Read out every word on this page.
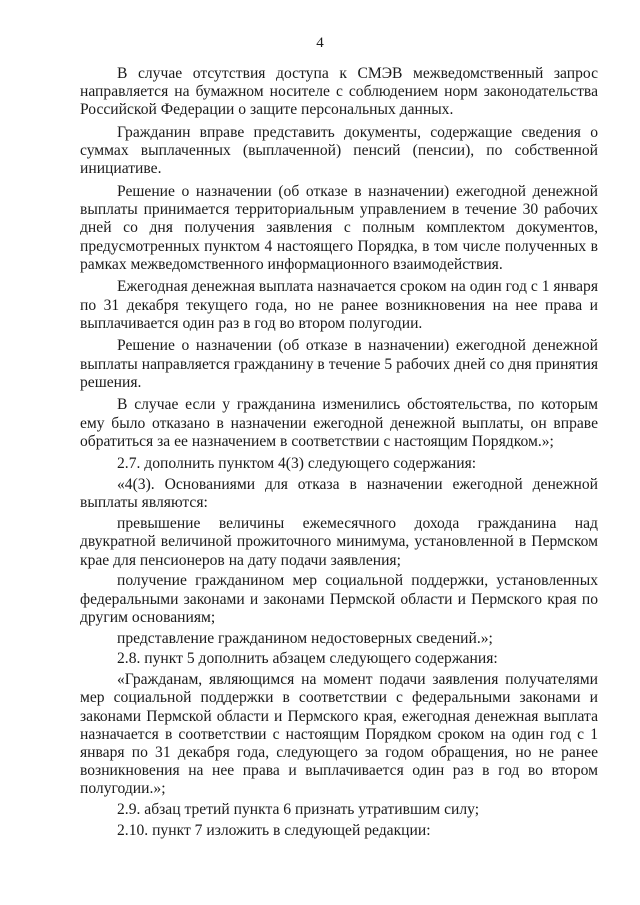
4

В случае отсутствия доступа к СМЭВ межведомственный запрос направляется на бумажном носителе с соблюдением норм законодательства Российской Федерации о защите персональных данных.

Гражданин вправе представить документы, содержащие сведения о суммах выплаченных (выплаченной) пенсий (пенсии), по собственной инициативе.

Решение о назначении (об отказе в назначении) ежегодной денежной выплаты принимается территориальным управлением в течение 30 рабочих дней со дня получения заявления с полным комплектом документов, предусмотренных пунктом 4 настоящего Порядка, в том числе полученных в рамках межведомственного информационного взаимодействия.

Ежегодная денежная выплата назначается сроком на один год с 1 января по 31 декабря текущего года, но не ранее возникновения на нее права и выплачивается один раз в год во втором полугодии.

Решение о назначении (об отказе в назначении) ежегодной денежной выплаты направляется гражданину в течение 5 рабочих дней со дня принятия решения.

В случае если у гражданина изменились обстоятельства, по которым ему было отказано в назначении ежегодной денежной выплаты, он вправе обратиться за ее назначением в соответствии с настоящим Порядком.»;

2.7. дополнить пунктом 4(3) следующего содержания:

«4(3). Основаниями для отказа в назначении ежегодной денежной выплаты являются:

превышение величины ежемесячного дохода гражданина над двукратной величиной прожиточного минимума, установленной в Пермском крае для пенсионеров на дату подачи заявления;

получение гражданином мер социальной поддержки, установленных федеральными законами и законами Пермской области и Пермского края по другим основаниям;

представление гражданином недостоверных сведений.»;

2.8. пункт 5 дополнить абзацем следующего содержания:

«Гражданам, являющимся на момент подачи заявления получателями мер социальной поддержки в соответствии с федеральными законами и законами Пермской области и Пермского края, ежегодная денежная выплата назначается в соответствии с настоящим Порядком сроком на один год с 1 января по 31 декабря года, следующего за годом обращения, но не ранее возникновения на нее права и выплачивается один раз в год во втором полугодии.»;

2.9. абзац третий пункта 6 признать утратившим силу;

2.10. пункт 7 изложить в следующей редакции:
